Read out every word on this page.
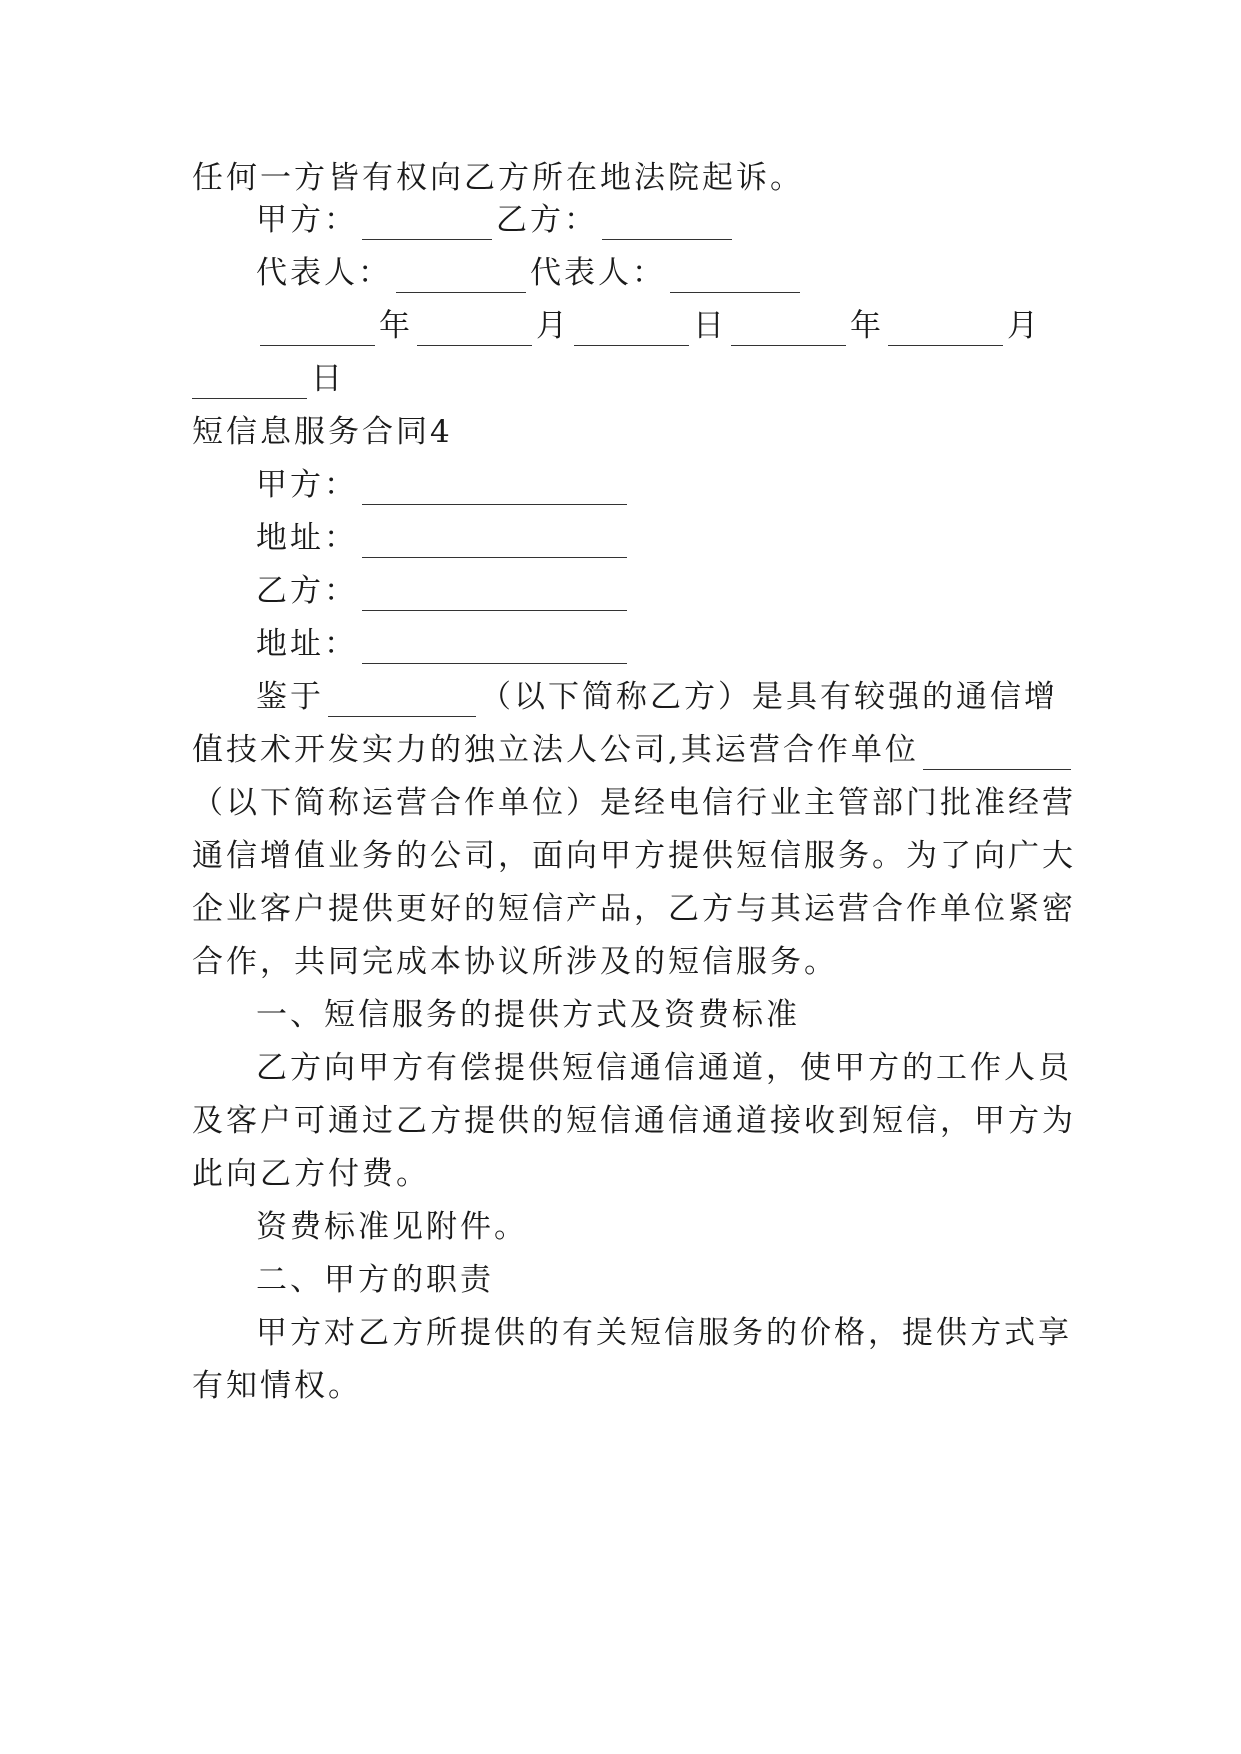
任何一方皆有权向乙方所在地法院起诉。
甲方：	乙方：
代表人：	代表人：
年	月	日	年	月
日
短信息服务合同4
甲方：
地址：
乙方：
地址：
鉴于	（以下简称乙方）是具有较强的通信增
值技术开发实力的独立法人公司,其运营合作单位
（以下简称运营合作单位）是经电信行业主管部门批准经营
通信增值业务的公司，面向甲方提供短信服务。为了向广大
企业客户提供更好的短信产品，乙方与其运营合作单位紧密
合作，共同完成本协议所涉及的短信服务。
一、短信服务的提供方式及资费标准
乙方向甲方有偿提供短信通信通道，使甲方的工作人员
及客户可通过乙方提供的短信通信通道接收到短信，甲方为
此向乙方付费。
资费标准见附件。
二、甲方的职责
甲方对乙方所提供的有关短信服务的价格，提供方式享
有知情权。
